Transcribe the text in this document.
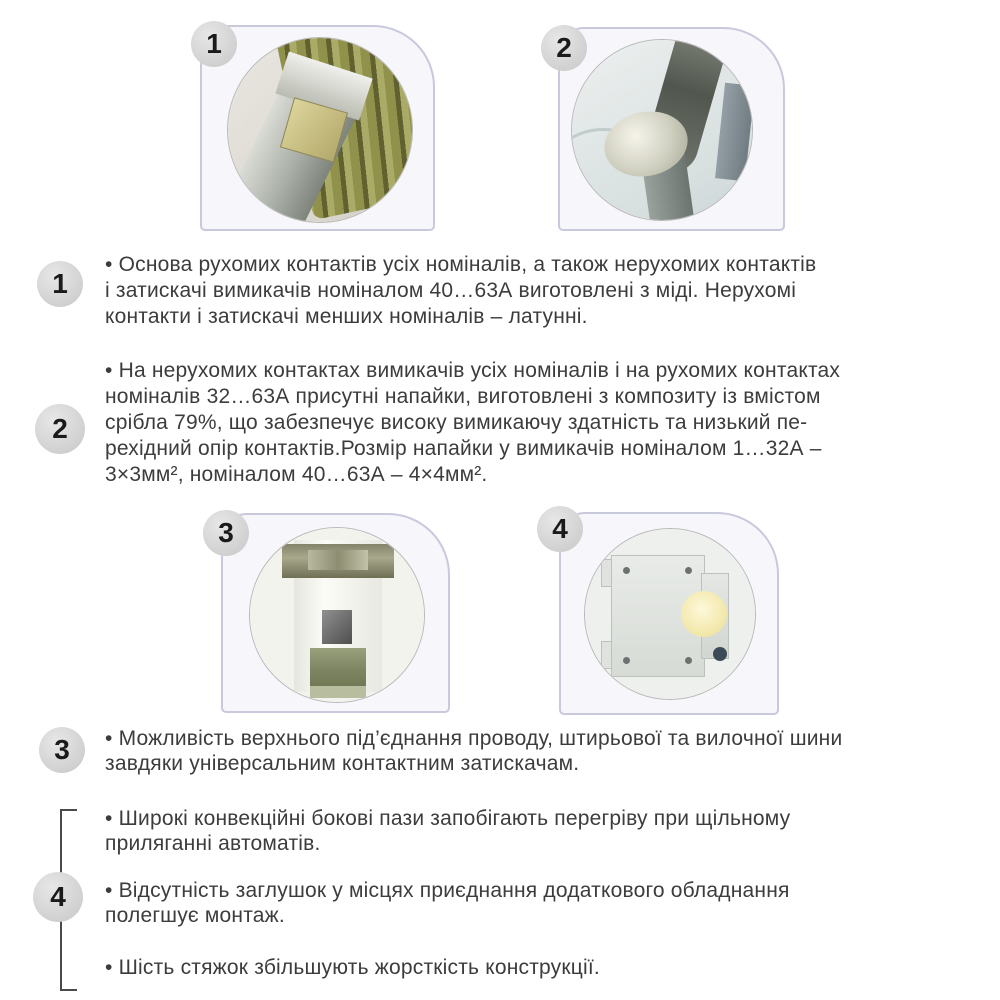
1	2
1
• Основа рухомих контактів усіх номіналів, а також нерухомих контактів
і затискачі вимикачів номіналом 40…63А виготовлені з міді. Нерухомі
контакти і затискачі менших номіналів – латунні.
2
• На нерухомих контактах вимикачів усіх номіналів і на рухомих контактах
номіналів 32…63А присутні напайки, виготовлені з композиту із вмістом
срібла 79%, що забезпечує високу вимикаючу здатність та низький пе-
рехідний опір контактів.Розмір напайки у вимикачів номіналом 1…32А –
3×3мм², номіналом 40…63А – 4×4мм².
3	4
3	• Можливість верхнього під’єднання проводу, штирьової та вилочної шини
завдяки універсальним контактним затискачам.
4
• Широкі конвекційні бокові пази запобігають перегріву при щільному
приляганні автоматів.
• Відсутність заглушок у місцях приєднання додаткового обладнання
полегшує монтаж.
• Шість стяжок збільшують жорсткість конструкції.
